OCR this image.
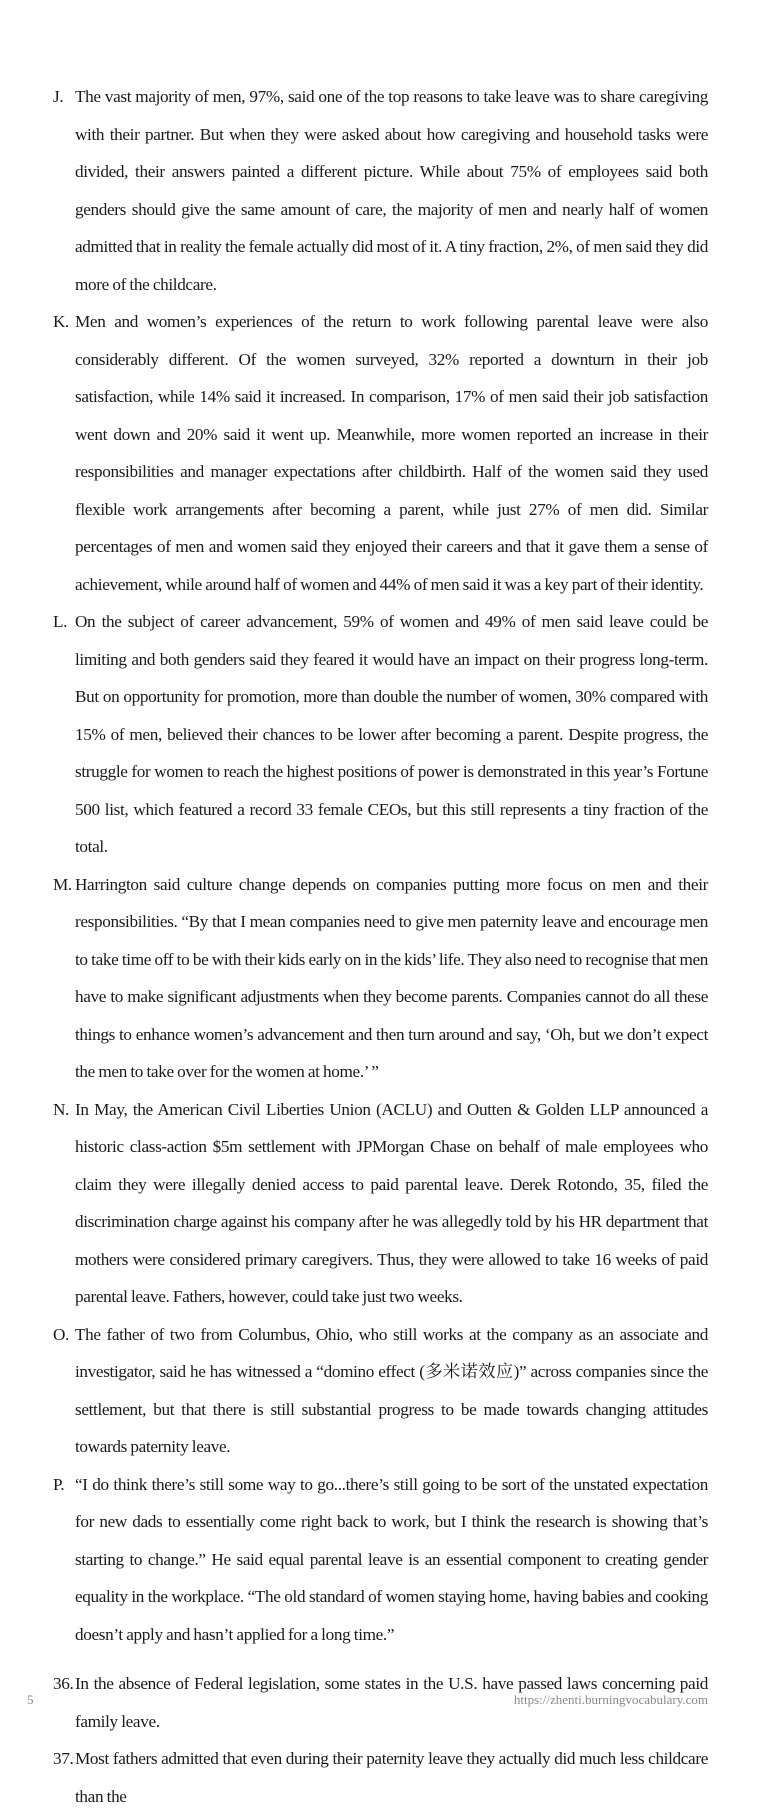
J. The vast majority of men, 97%, said one of the top reasons to take leave was to share caregiving with their partner. But when they were asked about how caregiving and household tasks were divided, their answers painted a different picture. While about 75% of employees said both genders should give the same amount of care, the majority of men and nearly half of women admitted that in reality the female actually did most of it. A tiny fraction, 2%, of men said they did more of the childcare.
K. Men and women’s experiences of the return to work following parental leave were also considerably different. Of the women surveyed, 32% reported a downturn in their job satisfaction, while 14% said it increased. In comparison, 17% of men said their job satisfaction went down and 20% said it went up. Meanwhile, more women reported an increase in their responsibilities and manager expectations after childbirth. Half of the women said they used flexible work arrangements after becoming a parent, while just 27% of men did. Similar percentages of men and women said they enjoyed their careers and that it gave them a sense of achievement, while around half of women and 44% of men said it was a key part of their identity.
L. On the subject of career advancement, 59% of women and 49% of men said leave could be limiting and both genders said they feared it would have an impact on their progress long-term. But on opportunity for promotion, more than double the number of women, 30% compared with 15% of men, believed their chances to be lower after becoming a parent. Despite progress, the struggle for women to reach the highest positions of power is demonstrated in this year’s Fortune 500 list, which featured a record 33 female CEOs, but this still represents a tiny fraction of the total.
M. Harrington said culture change depends on companies putting more focus on men and their responsibilities. “By that I mean companies need to give men paternity leave and encourage men to take time off to be with their kids early on in the kids’ life. They also need to recognise that men have to make significant adjustments when they become parents. Companies cannot do all these things to enhance women’s advancement and then turn around and say, ‘Oh, but we don’t expect the men to take over for the women at home.’ ”
N. In May, the American Civil Liberties Union (ACLU) and Outten & Golden LLP announced a historic class-action $5m settlement with JPMorgan Chase on behalf of male employees who claim they were illegally denied access to paid parental leave. Derek Rotondo, 35, filed the discrimination charge against his company after he was allegedly told by his HR department that mothers were considered primary caregivers. Thus, they were allowed to take 16 weeks of paid parental leave. Fathers, however, could take just two weeks.
O. The father of two from Columbus, Ohio, who still works at the company as an associate and investigator, said he has witnessed a “domino effect (多米诺效应)” across companies since the settlement, but that there is still substantial progress to be made towards changing attitudes towards paternity leave.
P. “I do think there’s still some way to go...there’s still going to be sort of the unstated expectation for new dads to essentially come right back to work, but I think the research is showing that’s starting to change.” He said equal parental leave is an essential component to creating gender equality in the workplace. “The old standard of women staying home, having babies and cooking doesn’t apply and hasn’t applied for a long time.”
36. In the absence of Federal legislation, some states in the U.S. have passed laws concerning paid family leave.
37. Most fathers admitted that even during their paternity leave they actually did much less childcare than the
5	https://zhenti.burningvocabulary.com
